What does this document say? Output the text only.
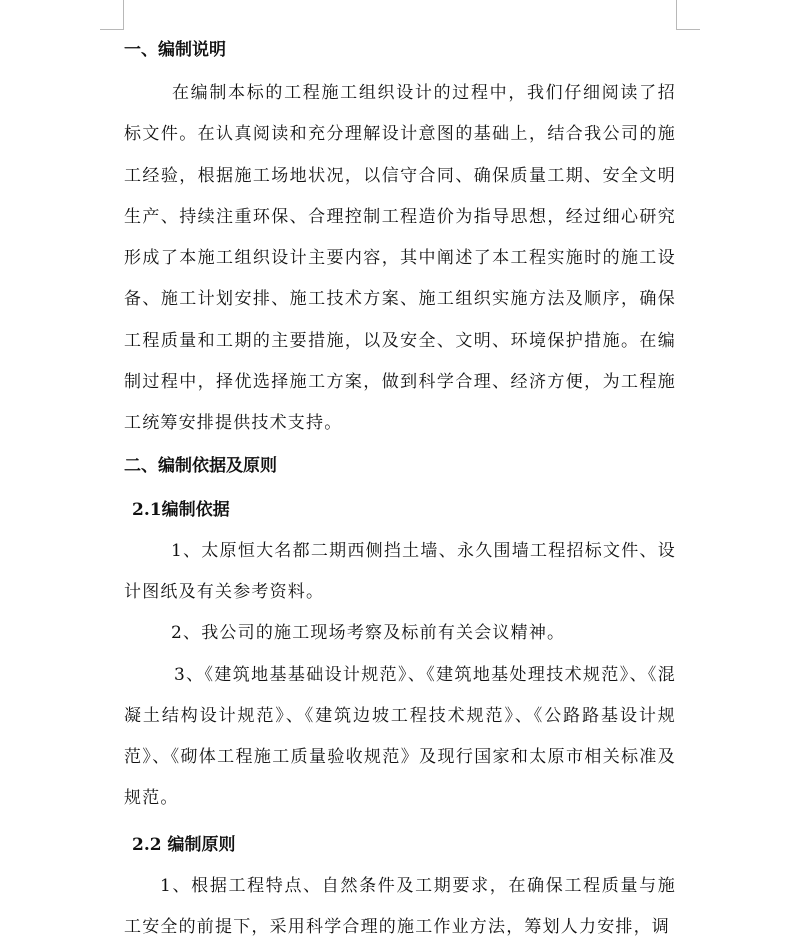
一、编制说明

在编制本标的工程施工组织设计的过程中，我们仔细阅读了招标文件。在认真阅读和充分理解设计意图的基础上，结合我公司的施工经验，根据施工场地状况，以信守合同、确保质量工期、安全文明生产、持续注重环保、合理控制工程造价为指导思想，经过细心研究形成了本施工组织设计主要内容，其中阐述了本工程实施时的施工设备、施工计划安排、施工技术方案、施工组织实施方法及顺序，确保工程质量和工期的主要措施，以及安全、文明、环境保护措施。在编制过程中，择优选择施工方案，做到科学合理、经济方便，为工程施工统筹安排提供技术支持。

二、编制依据及原则
2.1编制依据

1、太原恒大名都二期西侧挡土墙、永久围墙工程招标文件、设计图纸及有关参考资料。

2、我公司的施工现场考察及标前有关会议精神。

3、《建筑地基基础设计规范》、《建筑地基处理技术规范》、《混凝土结构设计规范》、《建筑边坡工程技术规范》、《公路路基设计规范》、《砌体工程施工质量验收规范》及现行国家和太原市相关标准及规范。

2.2 编制原则

1、根据工程特点、自然条件及工期要求，在确保工程质量与施工安全的前提下，采用科学合理的施工作业方法，筹划人力安排，调
